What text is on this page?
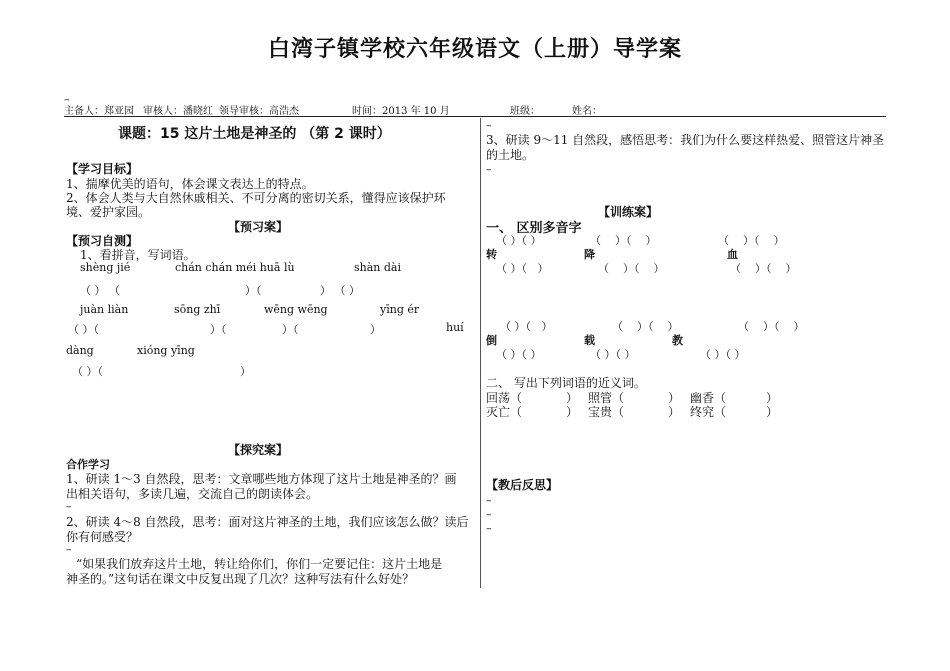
白湾子镇学校六年级语文（上册）导学案
主备人：郑亚园 审核人：潘晓红 领导审核：高浩杰	时间：2013 年 10 月	班级：	姓名：
–
课题：15 这片土地是神圣的 （第 2 课时）
【学习目标】
1、揣摩优美的语句，体会课文表达上的特点。
2、体会人类与大自然休戚相关、不可分离的密切关系，懂得应该保护环
境、爱护家园。
【预习案】
【预习自测】
1、看拼音，写词语。
shèng jié	chán chán méi huā lù	shàn dài
（ ） （	）（	） （ ）
juàn liàn	sōng zhī	wēng wēng	yīng ér
（ ）（	）（	）（	）	huí
dàng	xióng yīng
（ ）（	）
【探究案】
合作学习
1、研读 1～3 自然段，思考：文章哪些地方体现了这片土地是神圣的？画
出相关语句，多读几遍，交流自己的朗读体会。
–
2、研读 4～8 自然段，思考：面对这片神圣的土地，我们应该怎么做？读后
你有何感受？
–
“如果我们放弃这片土地，转让给你们，你们一定要记住：这片土地是
神圣的。”这句话在课文中反复出现了几次？这种写法有什么好处？
–
3、研读 9～11 自然段，感悟思考：我们为什么要这样热爱、照管这片神圣
的土地。
–
【训练案】
一、 区别多音字
（ ）（ ）	（    ）（    ）	（    ）（    ）
转	降	血
（ ）（   ）	（    ）（    ）	（    ）（    ）
（ ）（   ）	（    ）（    ）	（    ）（    ）
倒	载	教
（ ）（ ）	（ ）（ ）	（ ）（ ）
二、 写出下列词语的近义词。
回荡（	） 照管（	） 幽香（	）
灭亡（	） 宝贵（	） 终究（	）
【教后反思】
–
–
–
